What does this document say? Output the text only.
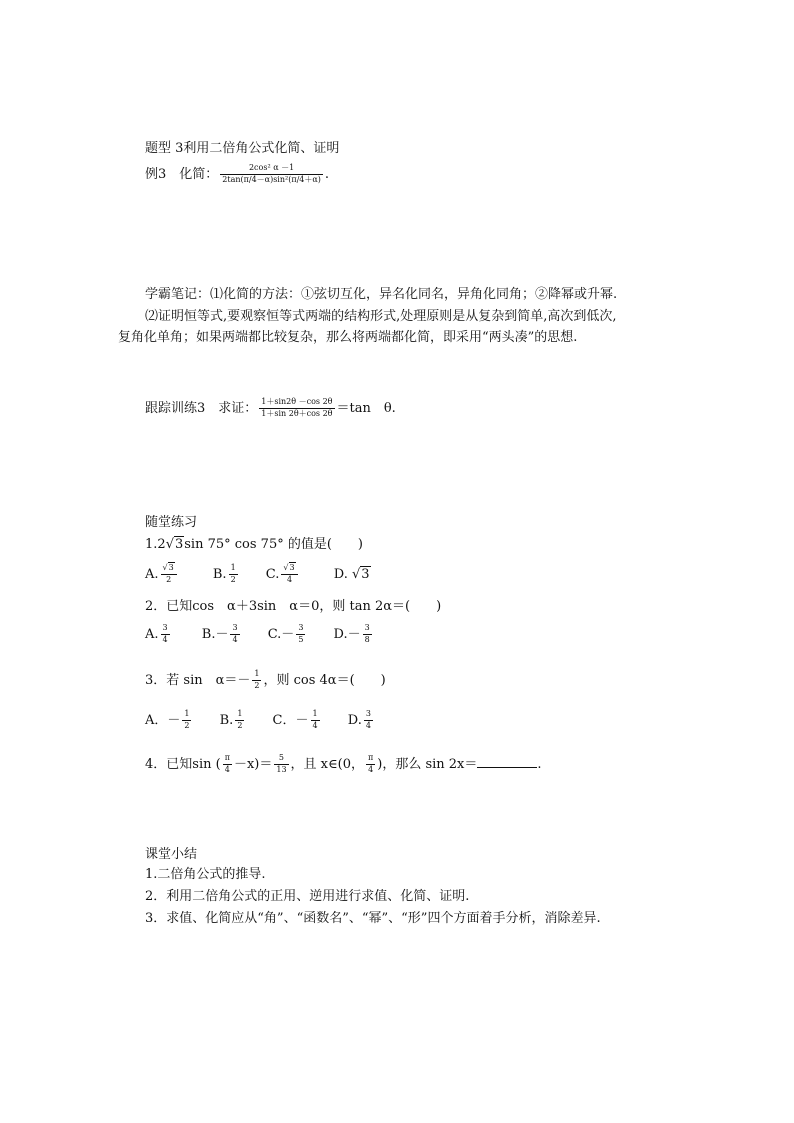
题型 3利用二倍角公式化简、证明
例3　化简： $\frac{\text{2cos² α －1}}{\text{2tan(π/4－α)sin²(π/4＋α)}}$ .
学霸笔记：⑴化简的方法：①弦切互化，异名化同名，异角化同角；②降幂或升幂.
⑵证明恒等式,要观察恒等式两端的结构形式,处理原则是从复杂到简单,高次到低次,
复角化单角；如果两端都比较复杂，那么将两端都化简，即采用“两头凑”的思想.
跟踪训练3　求证： $\frac{1+\sin 2\theta -\cos 2\theta}{1+\sin 2\theta+\cos 2\theta} =\tan$　θ.
随堂练习
1.2√3sin 75° cos 75° 的值是(　　)
A. $\frac{√3}{2}$	B. $\frac{1}{2} C$. $\frac{√3}{4}$	D. √3
2．已知cos　α＋3sin　α＝0，则 tan 2α＝(　　)
A. $\frac{3}{4} B.- \frac{3}{4} C.- \frac{3}{5} D.- \frac{3}{8}$
3．若 sin　$\alpha=- \frac{1}{2}$ ，则 cos 4α＝(　　)
A．－ $\frac{1}{2} B$. $\frac{1}{2}$ C．－ $\frac{1}{4} D$. $\frac{3}{4}$
4．已知sin ( $\frac{\pi}{4} -x)= \frac{5}{13}$ ，且 x∈(0， $\frac{\pi}{4}$ )，那么 sin 2x＝	.
课堂小结
1.二倍角公式的推导.
2．利用二倍角公式的正用、逆用进行求值、化简、证明.
3．求值、化简应从“角”、“函数名”、“幂”、“形”四个方面着手分析，消除差异.
